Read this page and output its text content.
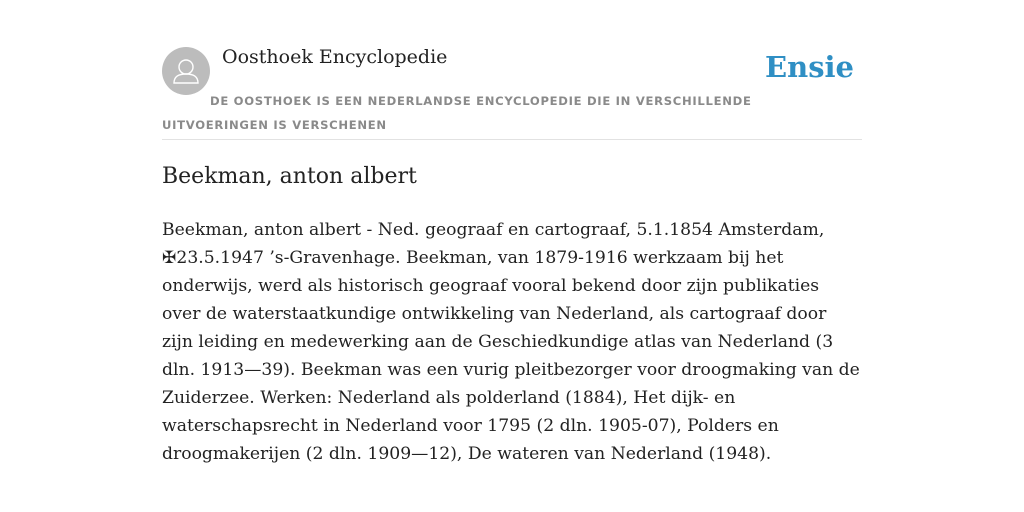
Oosthoek Encyclopedie	Ensie
DE OOSTHOEK IS EEN NEDERLANDSE ENCYCLOPEDIE DIE IN VERSCHILLENDE UITVOERINGEN IS VERSCHENEN
Beekman, anton albert

Beekman, anton albert - Ned. geograaf en cartograaf, 5.1.1854 Amsterdam, ✠23.5.1947 ’s-Gravenhage. Beekman, van 1879-1916 werkzaam bij het onderwijs, werd als historisch geograaf vooral bekend door zijn publikaties over de waterstaatkundige ontwikkeling van Nederland, als cartograaf door zijn leiding en medewerking aan de Geschiedkundige atlas van Nederland (3 dln. 1913—39). Beekman was een vurig pleitbezorger voor droogmaking van de Zuiderzee. Werken: Nederland als polderland (1884), Het dijk- en waterschapsrecht in Nederland voor 1795 (2 dln. 1905-07), Polders en droogmakerijen (2 dln. 1909—12), De wateren van Nederland (1948).
